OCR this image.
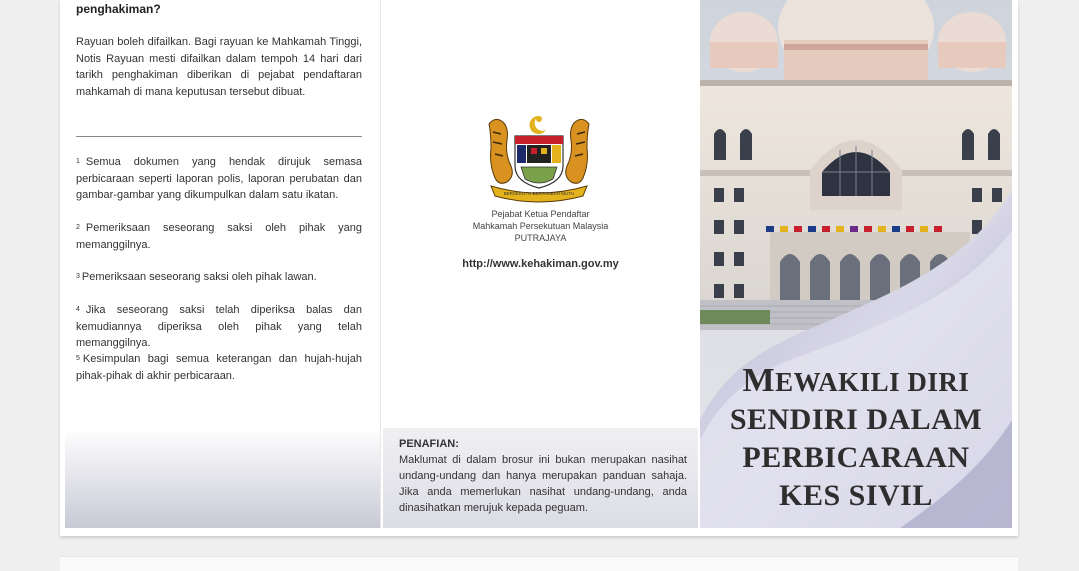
penghakiman?
Rayuan boleh difailkan. Bagi rayuan ke Mahkamah Tinggi, Notis Rayuan mesti difailkan dalam tempoh 14 hari dari tarikh penghakiman diberikan di pejabat pendaftaran mahkamah di mana keputusan tersebut dibuat.
$^1$ Semua dokumen yang hendak dirujuk semasa perbicaraan seperti laporan polis, laporan perubatan dan gambar-gambar yang dikumpulkan dalam satu ikatan.
$^2$ Pemeriksaan seseorang saksi oleh pihak yang memanggilnya.
$^3$ Pemeriksaan seseorang saksi oleh pihak lawan.
$^4$ Jika seseorang saksi telah diperiksa balas dan kemudiannya diperiksa oleh pihak yang telah memanggilnya.
$^5$ Kesimpulan bagi semua keterangan dan hujah-hujah pihak-pihak di akhir perbicaraan.
BERSEKUTU BERTAMBAH MUTU
Pejabat Ketua Pendaftar
Mahkamah Persekutuan Malaysia
PUTRAJAYA
http://www.kehakiman.gov.my
PENAFIAN:
Maklumat di dalam brosur ini bukan merupakan nasihat undang-undang dan hanya merupakan panduan sahaja. Jika anda memerlukan nasihat undang-undang, anda dinasihatkan merujuk kepada peguam.
MEWAKILI DIRI
SENDIRI DALAM
PERBICARAAN
KES SIVIL
